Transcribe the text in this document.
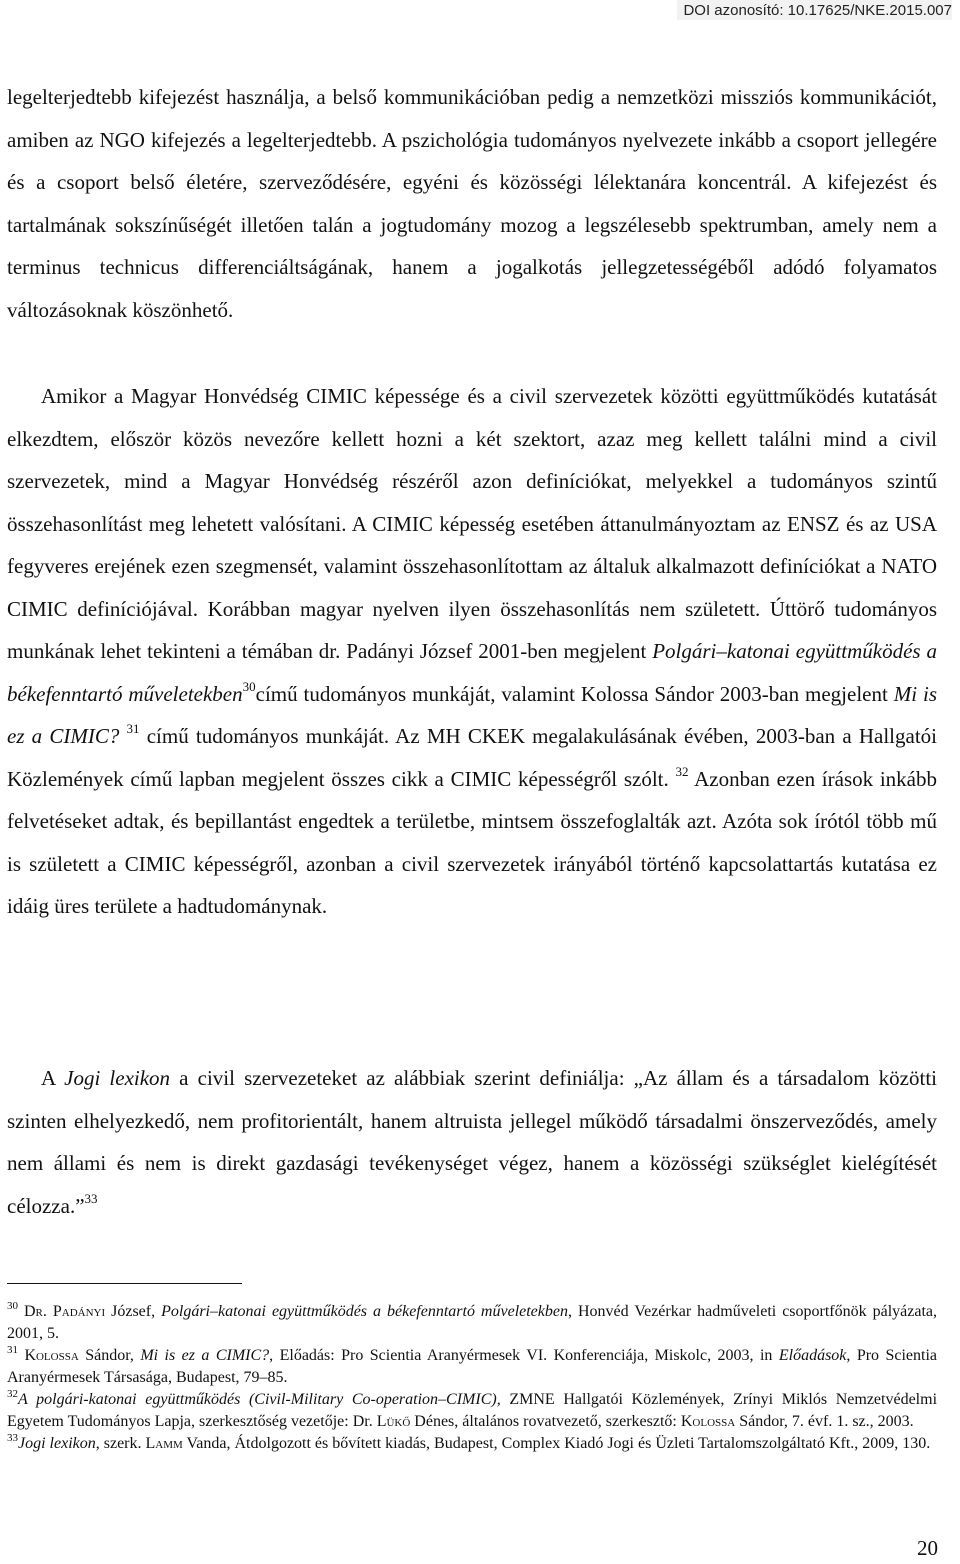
DOI azonosító: 10.17625/NKE.2015.007

legelterjedtebb kifejezést használja, a belső kommunikációban pedig a nemzetközi missziós kommunikációt, amiben az NGO kifejezés a legelterjedtebb. A pszichológia tudományos nyelvezete inkább a csoport jellegére és a csoport belső életére, szerveződésére, egyéni és közösségi lélektanára koncentrál. A kifejezést és tartalmának sokszínűségét illetően talán a jogtudomány mozog a legszélesebb spektrumban, amely nem a terminus technicus differenciáltságának, hanem a jogalkotás jellegzetességéből adódó folyamatos változásoknak köszönhető.

Amikor a Magyar Honvédség CIMIC képessége és a civil szervezetek közötti együttműködés kutatását elkezdtem, először közös nevezőre kellett hozni a két szektort, azaz meg kellett találni mind a civil szervezetek, mind a Magyar Honvédség részéről azon definíciókat, melyekkel a tudományos szintű összehasonlítást meg lehetett valósítani. A CIMIC képesség esetében áttanulmányoztam az ENSZ és az USA fegyveres erejének ezen szegmensét, valamint összehasonlítottam az általuk alkalmazott definíciókat a NATO CIMIC definíciójával. Korábban magyar nyelven ilyen összehasonlítás nem született. Úttörő tudományos munkának lehet tekinteni a témában dr. Padányi József 2001-ben megjelent Polgári–katonai együttműködés a békefenntartó műveletekben$^{30}$című tudományos munkáját, valamint Kolossa Sándor 2003-ban megjelent Mi is ez a CIMIC? $^{31}$ című tudományos munkáját. Az MH CKEK megalakulásának évében, 2003-ban a Hallgatói Közlemények című lapban megjelent összes cikk a CIMIC képességről szólt. $^{32}$ Azonban ezen írások inkább felvetéseket adtak, és bepillantást engedtek a területbe, mintsem összefoglalták azt. Azóta sok írótól több mű is született a CIMIC képességről, azonban a civil szervezetek irányából történő kapcsolattartás kutatása ez idáig üres területe a hadtudománynak.

A Jogi lexikon a civil szervezeteket az alábbiak szerint definiálja: „Az állam és a társadalom közötti szinten elhelyezkedő, nem profitorientált, hanem altruista jellegel működő társadalmi önszerveződés, amely nem állami és nem is direkt gazdasági tevékenységet végez, hanem a közösségi szükséglet kielégítését célozza.”$^{33}$

$^{30}$ Dr. Padányi József, Polgári–katonai együttműködés a békefenntartó műveletekben, Honvéd Vezérkar hadműveleti csoportfőnök pályázata, 2001, 5.

$^{31}$ Kolossa Sándor, Mi is ez a CIMIC?, Előadás: Pro Scientia Aranyérmesek VI. Konferenciája, Miskolc, 2003, in Előadások, Pro Scientia Aranyérmesek Társasága, Budapest, 79–85.

$^{32}$A polgári-katonai együttműködés (Civil-Military Co-operation–CIMIC), ZMNE Hallgatói Közlemények, Zrínyi Miklós Nemzetvédelmi Egyetem Tudományos Lapja, szerkesztőség vezetője: Dr. Lükő Dénes, általános rovatvezető, szerkesztő: Kolossa Sándor, 7. évf. 1. sz., 2003.

$^{33}$Jogi lexikon, szerk. Lamm Vanda, Átdolgozott és bővített kiadás, Budapest, Complex Kiadó Jogi és Üzleti Tartalomszolgáltató Kft., 2009, 130.

20
